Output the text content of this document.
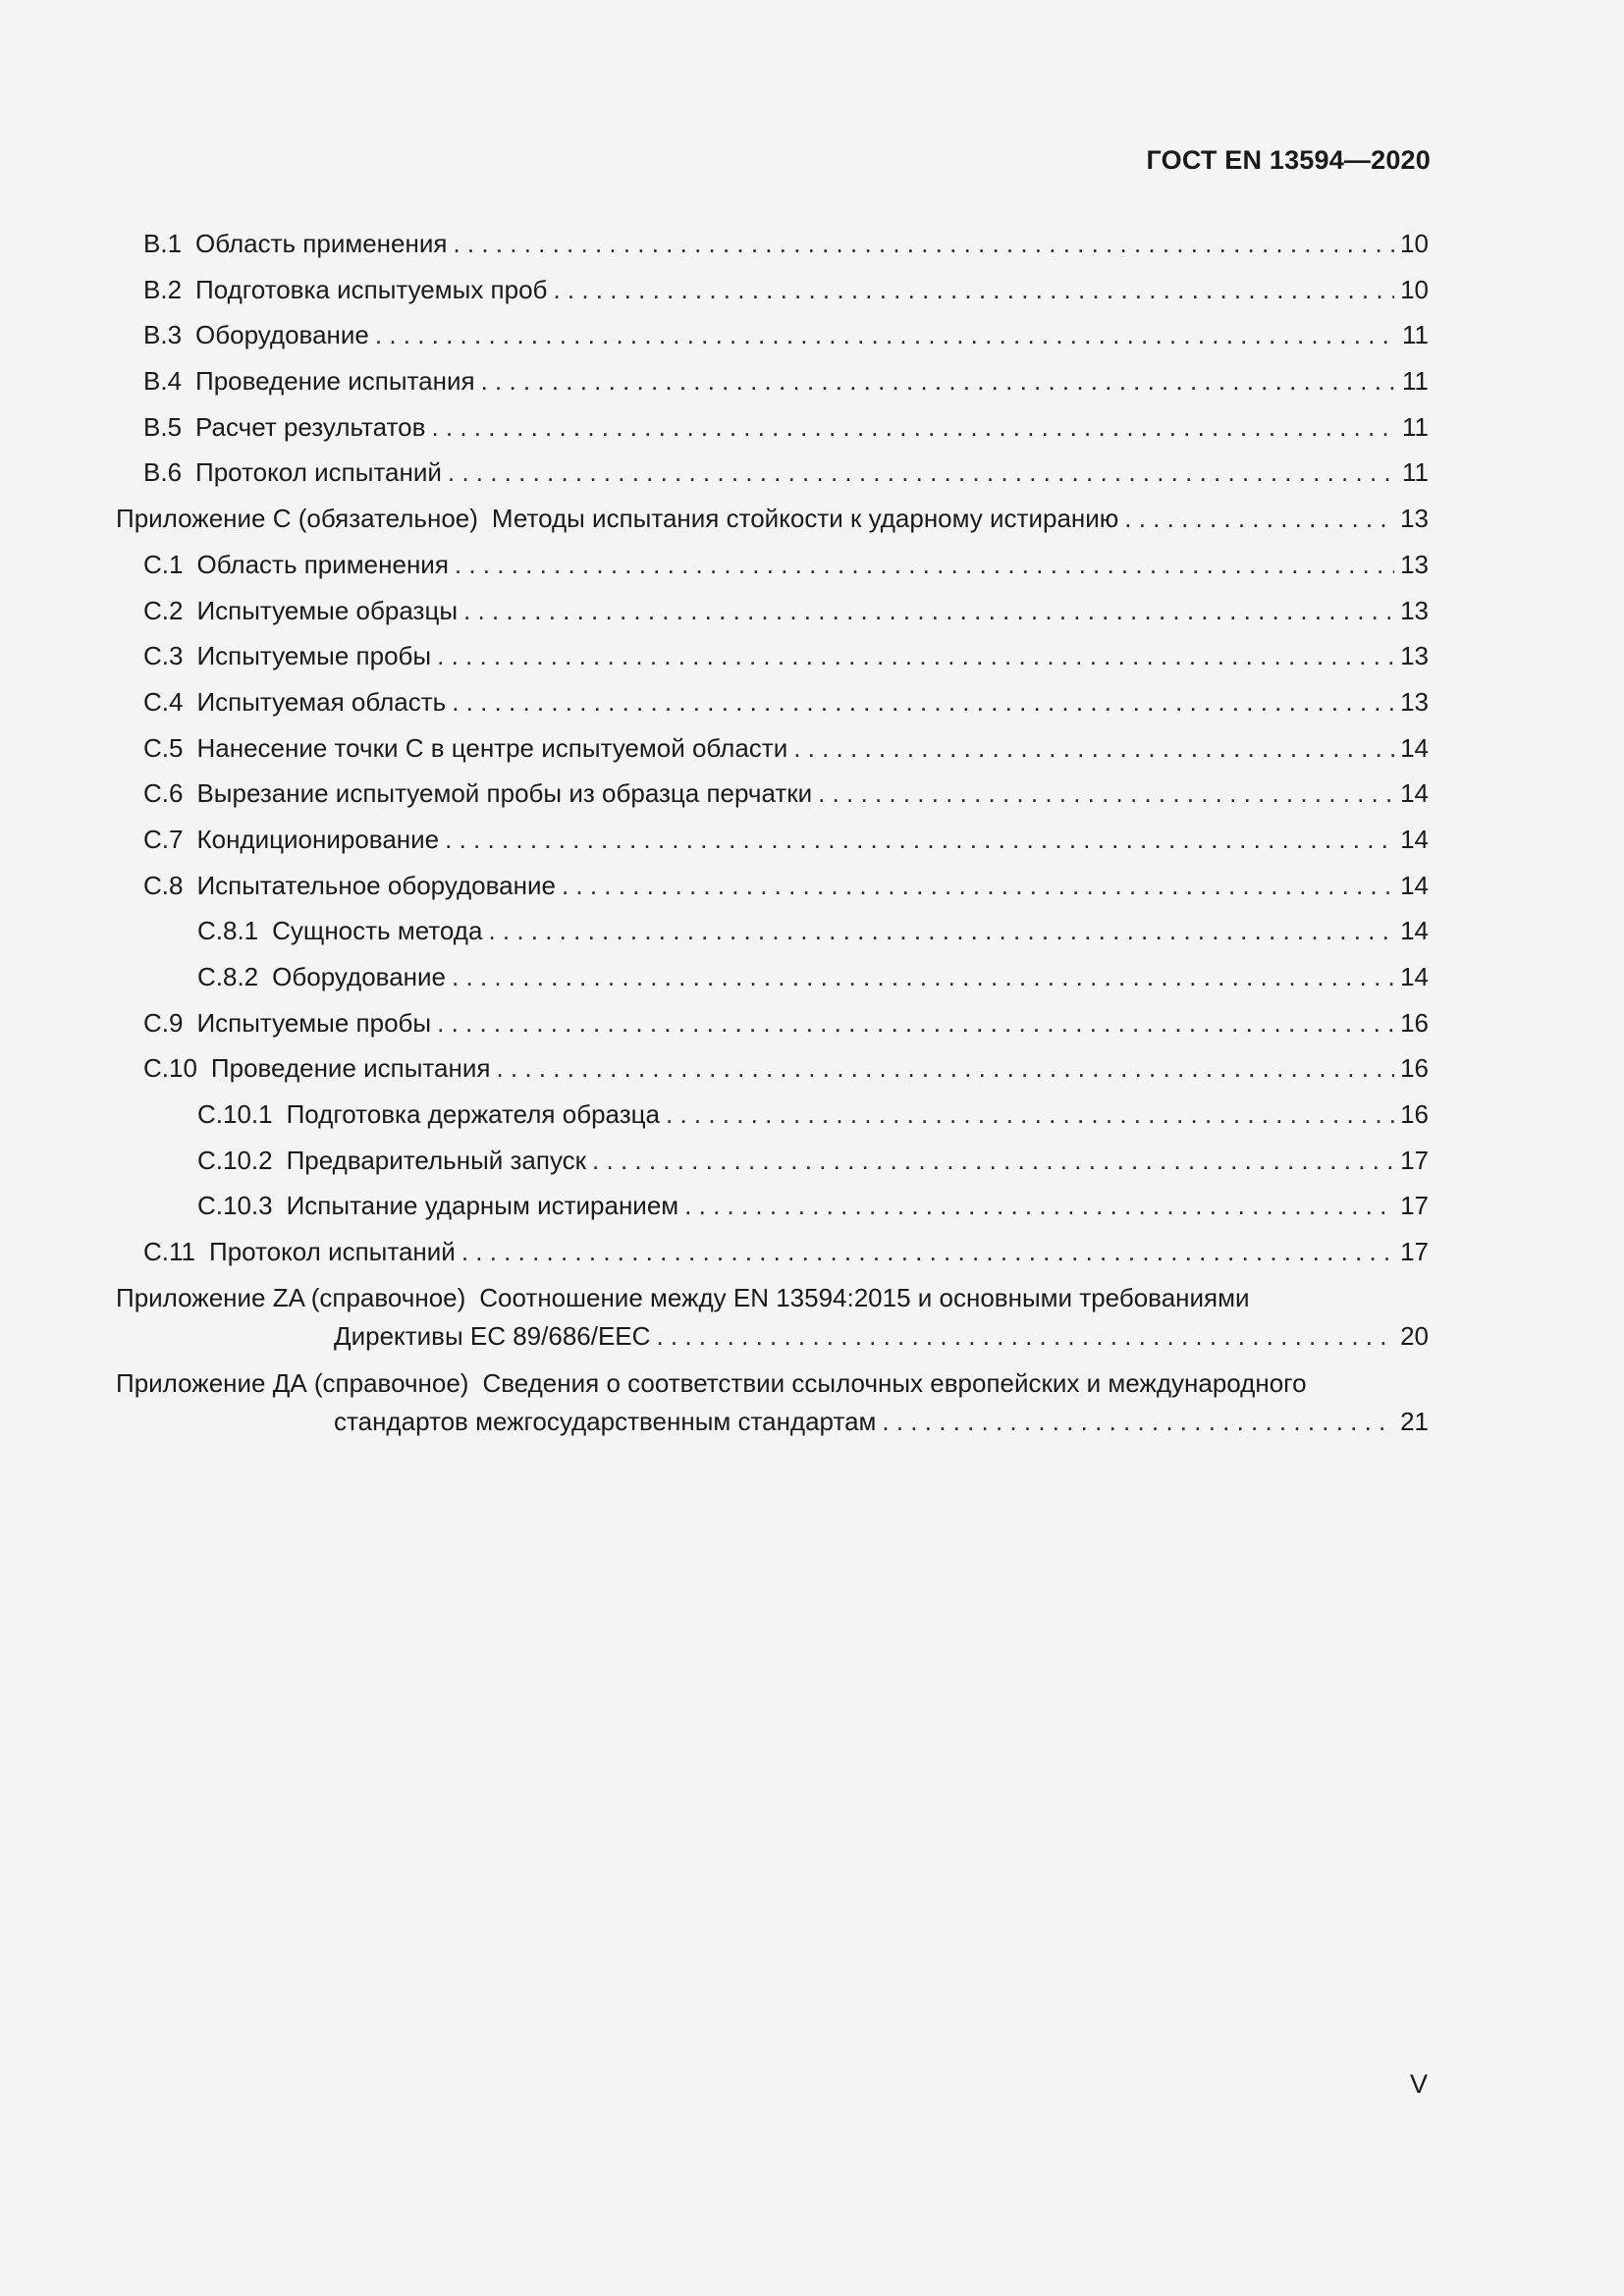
ГОСТ EN 13594—2020
В.1 Область применения . . .	10
В.2 Подготовка испытуемых проб . . .	10
В.3 Оборудование . . .	11
В.4 Проведение испытания . . .	11
В.5 Расчет результатов . . .	11
В.6 Протокол испытаний . . .	11
Приложение С (обязательное) Методы испытания стойкости к ударному истиранию . . .	13
С.1 Область применения . . .	13
С.2 Испытуемые образцы . . .	13
С.3 Испытуемые пробы . . .	13
С.4 Испытуемая область . . .	13
С.5 Нанесение точки С в центре испытуемой области . . .	14
С.6 Вырезание испытуемой пробы из образца перчатки . . .	14
С.7 Кондиционирование . . .	14
С.8 Испытательное оборудование . . .	14
С.8.1 Сущность метода . . .	14
С.8.2 Оборудование . . .	14
С.9 Испытуемые пробы . . .	16
С.10 Проведение испытания . . .	16
С.10.1 Подготовка держателя образца . . .	16
С.10.2 Предварительный запуск . . .	17
С.10.3 Испытание ударным истиранием . . .	17
С.11 Протокол испытаний . . .	17
Приложение ZA (справочное) Соотношение между EN 13594:2015 и основными требованиями
Директивы ЕС 89/686/ЕЕС . . .	20
Приложение ДА (справочное) Сведения о соответствии ссылочных европейских и международного
стандартов межгосударственным стандартам . . .	21
V
